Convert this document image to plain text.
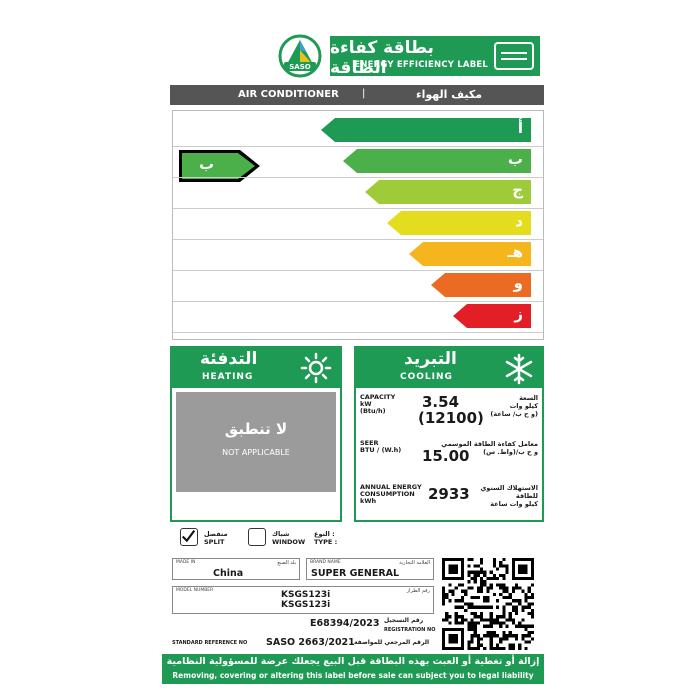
SASO
بطاقة كفاءة الطاقة
ENERGY EFFICIENCY LABEL
AIR CONDITIONER |	مكيف الهواء
ب
أ
ب
ج
د
هـ
و
ز
التدفئة
HEATING
لا تنطبق
NOT APPLICABLE
التبريد
COOLING
CAPACITY
kW
(Btu/h)	3.54
(12100)
السعة
كيلو وات
(و ح ب/ ساعة)
SEER
BTU / (W.h) 15.00
معامل كفاءة الطاقة الموسمي
و ح ب/(واط. س)
ANNUAL ENERGY
CONSUMPTION
kWh	2933 الاستهلاك السنوي
للطاقة
كيلو وات ساعة
منفصل
SPLIT
شباك
WINDOW
النوع :
TYPE :
MADE IN	بلد الصنع
China
BRAND NAME	العلامة التجارية
SUPER GENERAL
MODEL NUMBER	رقم الطراز
KSGS123i
KSGS123i
E68394/2023 رقم التسجيل
REGISTRATION NO
STANDARD REFERENCE NO SASO 2663/2021 الرقم المرجعي للمواصفة
إزالة أو تغطية أو العبث بهذه البطاقة قبل البيع يجعلك عرضة للمسؤولية النظامية
Removing, covering or altering this label before sale can subject you to legal liability
